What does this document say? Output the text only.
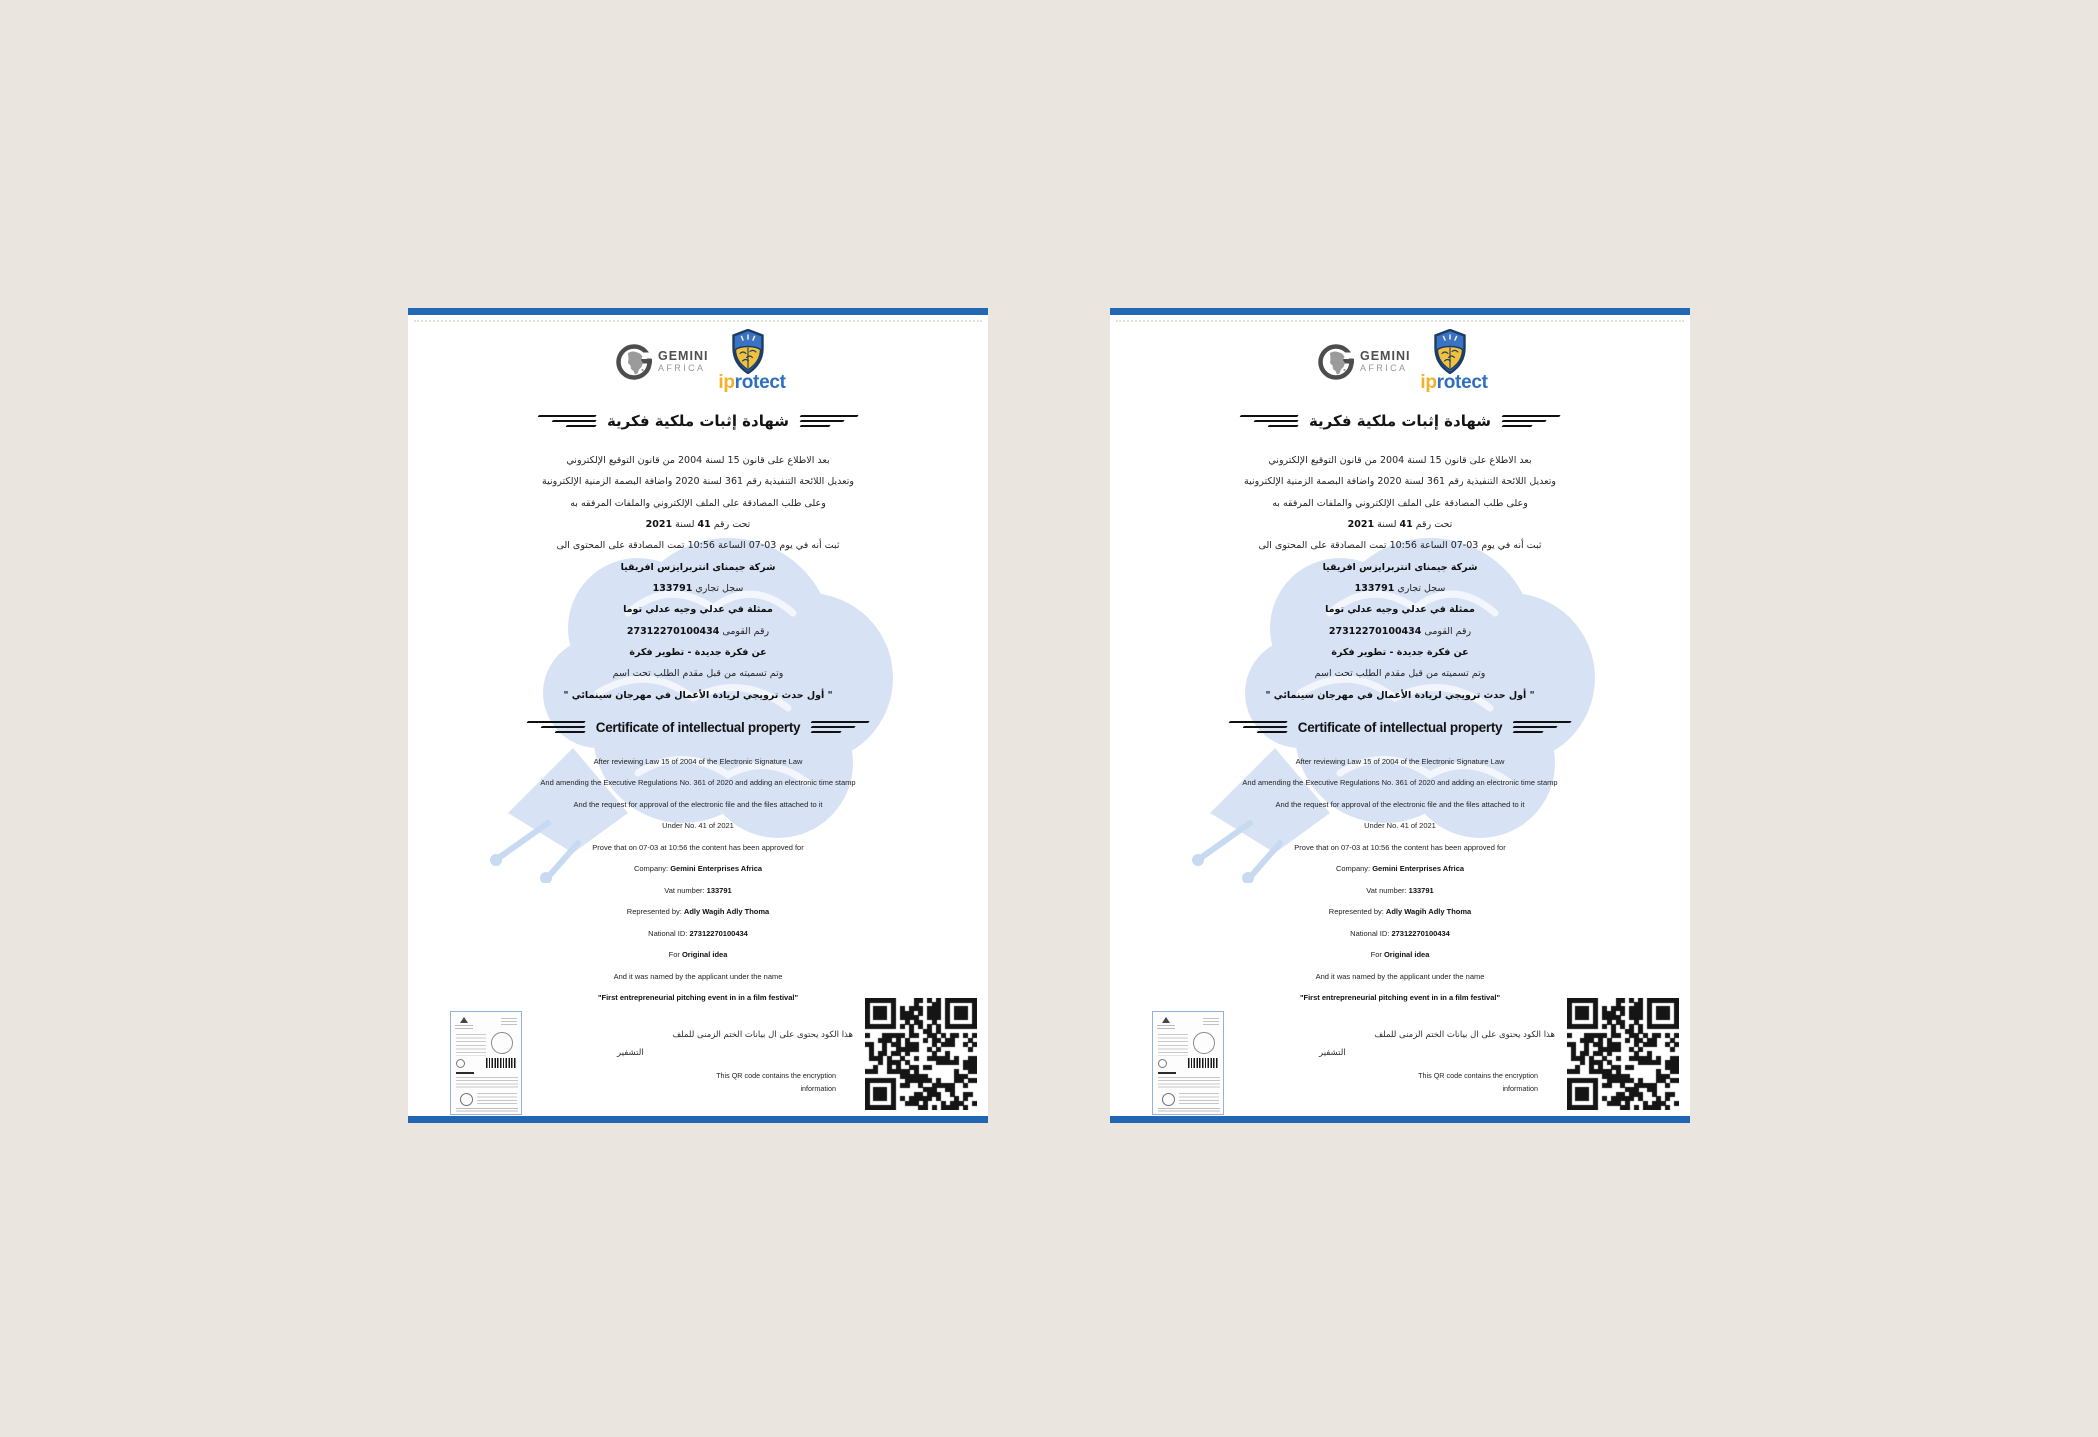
GEMINI
AFRICA
iprotect
شهادة إثبات ملكية فكرية
بعد الاطلاع على قانون 15 لسنة 2004 من قانون التوقيع الإلكتروني
وتعديل اللائحة التنفيذية رقم 361 لسنة 2020 واضافة البصمة الزمنية الإلكترونية
وعلى طلب المصادقة على الملف الإلكتروني والملفات المرفقه به
تحت رقم 41 لسنة 2021
ثبت أنه في يوم 03-07 الساعة 10:56 تمت المصادقة على المحتوى الى
شركة جيمناى انتربرايزس افريقيا
سجل تجاري 133791
ممثلة في عدلي وجيه عدلي توما
رقم القومى 27312270100434
عن فكرة جديدة - تطوير فكرة
وتم تسميته من قبل مقدم الطلب تحت اسم
" أول حدث ترويجي لريادة الأعمال في مهرجان سينمائي "
Certificate of intellectual property
After reviewing Law 15 of 2004 of the Electronic Signature Law
And amending the Executive Regulations No. 361 of 2020 and adding an electronic time stamp
And the request for approval of the electronic file and the files attached to it
Under No. 41 of 2021
Prove that on 07-03 at 10:56 the content has been approved for
Company: Gemini Enterprises Africa
Vat number: 133791
Represented by: Adly Wagih Adly Thoma
National ID: 27312270100434
For Original idea
And it was named by the applicant under the name
"First entrepreneurial pitching event in in a film festival"
هذا الكود يحتوى على ال بيانات الختم الزمنى للملف
التشفير
This QR code contains the encryption
information
GEMINI
AFRICA
iprotect
شهادة إثبات ملكية فكرية
بعد الاطلاع على قانون 15 لسنة 2004 من قانون التوقيع الإلكتروني
وتعديل اللائحة التنفيذية رقم 361 لسنة 2020 واضافة البصمة الزمنية الإلكترونية
وعلى طلب المصادقة على الملف الإلكتروني والملفات المرفقه به
تحت رقم 41 لسنة 2021
ثبت أنه في يوم 03-07 الساعة 10:56 تمت المصادقة على المحتوى الى
شركة جيمناى انتربرايزس افريقيا
سجل تجاري 133791
ممثلة في عدلي وجيه عدلي توما
رقم القومى 27312270100434
عن فكرة جديدة - تطوير فكرة
وتم تسميته من قبل مقدم الطلب تحت اسم
" أول حدث ترويجي لريادة الأعمال في مهرجان سينمائي "
Certificate of intellectual property
After reviewing Law 15 of 2004 of the Electronic Signature Law
And amending the Executive Regulations No. 361 of 2020 and adding an electronic time stamp
And the request for approval of the electronic file and the files attached to it
Under No. 41 of 2021
Prove that on 07-03 at 10:56 the content has been approved for
Company: Gemini Enterprises Africa
Vat number: 133791
Represented by: Adly Wagih Adly Thoma
National ID: 27312270100434
For Original idea
And it was named by the applicant under the name
"First entrepreneurial pitching event in in a film festival"
هذا الكود يحتوى على ال بيانات الختم الزمنى للملف
التشفير
This QR code contains the encryption
information
